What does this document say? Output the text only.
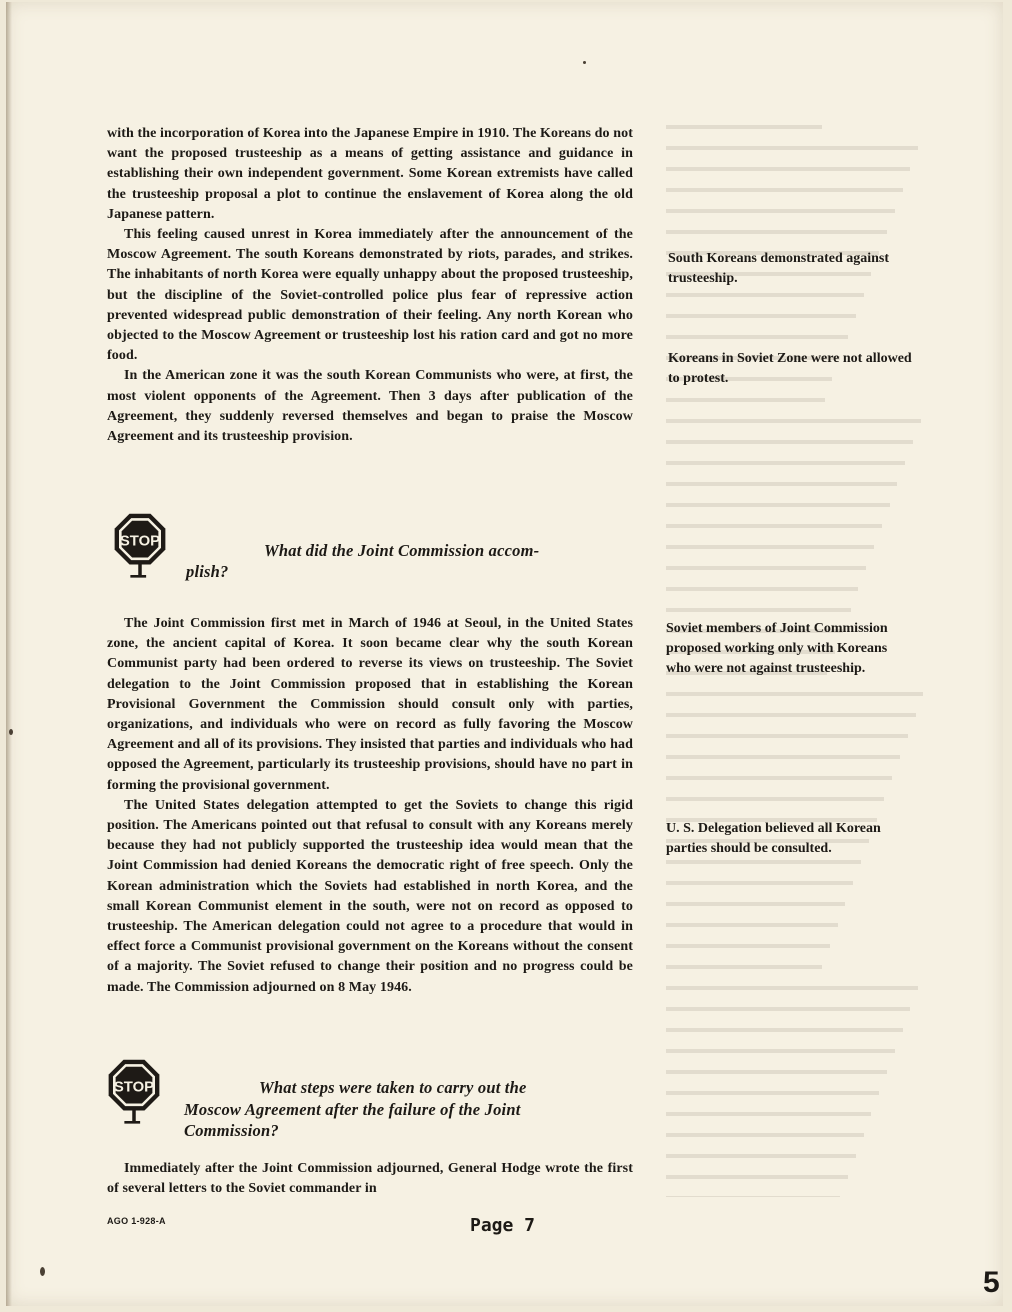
with the incorporation of Korea into the Japanese Empire in 1910. The Koreans do not want the proposed trusteeship as a means of getting assistance and guidance in establishing their own independent government. Some Korean extremists have called the trusteeship proposal a plot to continue the enslavement of Korea along the old Japanese pattern.

This feeling caused unrest in Korea immediately after the announcement of the Moscow Agreement. The south Koreans demonstrated by riots, parades, and strikes. The inhabitants of north Korea were equally unhappy about the proposed trusteeship, but the discipline of the Soviet-controlled police plus fear of repressive action prevented widespread public demonstration of their feeling. Any north Korean who objected to the Moscow Agreement or trusteeship lost his ration card and got no more food.

In the American zone it was the south Korean Communists who were, at first, the most violent opponents of the Agreement. Then 3 days after publication of the Agreement, they suddenly reversed themselves and began to praise the Moscow Agreement and its trusteeship provision.

STOP	What did the Joint Commission accom-
plish?

The Joint Commission first met in March of 1946 at Seoul, in the United States zone, the ancient capital of Korea. It soon became clear why the south Korean Communist party had been ordered to reverse its views on trusteeship. The Soviet delegation to the Joint Commission proposed that in establishing the Korean Provisional Government the Commission should consult only with parties, organizations, and individuals who were on record as fully favoring the Moscow Agreement and all of its provisions. They insisted that parties and individuals who had opposed the Agreement, particularly its trusteeship provisions, should have no part in forming the provisional government.

The United States delegation attempted to get the Soviets to change this rigid position. The Americans pointed out that refusal to consult with any Koreans merely because they had not publicly supported the trusteeship idea would mean that the Joint Commission had denied Koreans the democratic right of free speech. Only the Korean administration which the Soviets had established in north Korea, and the small Korean Communist element in the south, were not on record as opposed to trusteeship. The American delegation could not agree to a procedure that would in effect force a Communist provisional government on the Koreans without the consent of a majority. The Soviet refused to change their position and no progress could be made. The Commission adjourned on 8 May 1946.

STOP	What steps were taken to carry out the
Moscow Agreement after the failure of the Joint
Commission?

Immediately after the Joint Commission adjourned, General Hodge wrote the first of several letters to the Soviet commander in

South Koreans demonstrated against trusteeship.
Koreans in Soviet Zone were not allowed to protest.
Soviet members of Joint Commission proposed working only with Koreans who were not against trusteeship.
U. S. Delegation believed all Korean parties should be consulted.
AGO 1-928-A	Page 7
5
